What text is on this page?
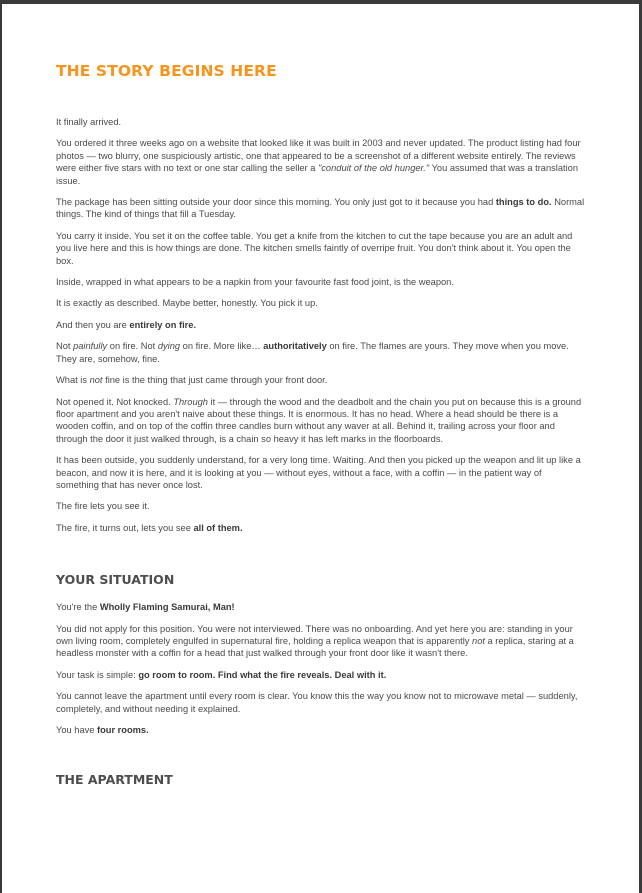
THE STORY BEGINS HERE

It finally arrived.

You ordered it three weeks ago on a website that looked like it was built in 2003 and never updated. The product listing had four photos — two blurry, one suspiciously artistic, one that appeared to be a screenshot of a different website entirely. The reviews were either five stars with no text or one star calling the seller a "conduit of the old hunger." You assumed that was a translation issue.

The package has been sitting outside your door since this morning. You only just got to it because you had things to do. Normal things. The kind of things that fill a Tuesday.

You carry it inside. You set it on the coffee table. You get a knife from the kitchen to cut the tape because you are an adult and you live here and this is how things are done. The kitchen smells faintly of overripe fruit. You don't think about it. You open the box.

Inside, wrapped in what appears to be a napkin from your favourite fast food joint, is the weapon.

It is exactly as described. Maybe better, honestly. You pick it up.

And then you are entirely on fire.

Not painfully on fire. Not dying on fire. More like… authoritatively on fire. The flames are yours. They move when you move. They are, somehow, fine.

What is not fine is the thing that just came through your front door.

Not opened it. Not knocked. Through it — through the wood and the deadbolt and the chain you put on because this is a ground floor apartment and you aren't naive about these things. It is enormous. It has no head. Where a head should be there is a wooden coffin, and on top of the coffin three candles burn without any waver at all. Behind it, trailing across your floor and through the door it just walked through, is a chain so heavy it has left marks in the floorboards.

It has been outside, you suddenly understand, for a very long time. Waiting. And then you picked up the weapon and lit up like a beacon, and now it is here, and it is looking at you — without eyes, without a face, with a coffin — in the patient way of something that has never once lost.

The fire lets you see it.

The fire, it turns out, lets you see all of them.

YOUR SITUATION

You're the Wholly Flaming Samurai, Man!

You did not apply for this position. You were not interviewed. There was no onboarding. And yet here you are: standing in your own living room, completely engulfed in supernatural fire, holding a replica weapon that is apparently not a replica, staring at a headless monster with a coffin for a head that just walked through your front door like it wasn't there.

Your task is simple: go room to room. Find what the fire reveals. Deal with it.

You cannot leave the apartment until every room is clear. You know this the way you know not to microwave metal — suddenly, completely, and without needing it explained.

You have four rooms.

THE APARTMENT
